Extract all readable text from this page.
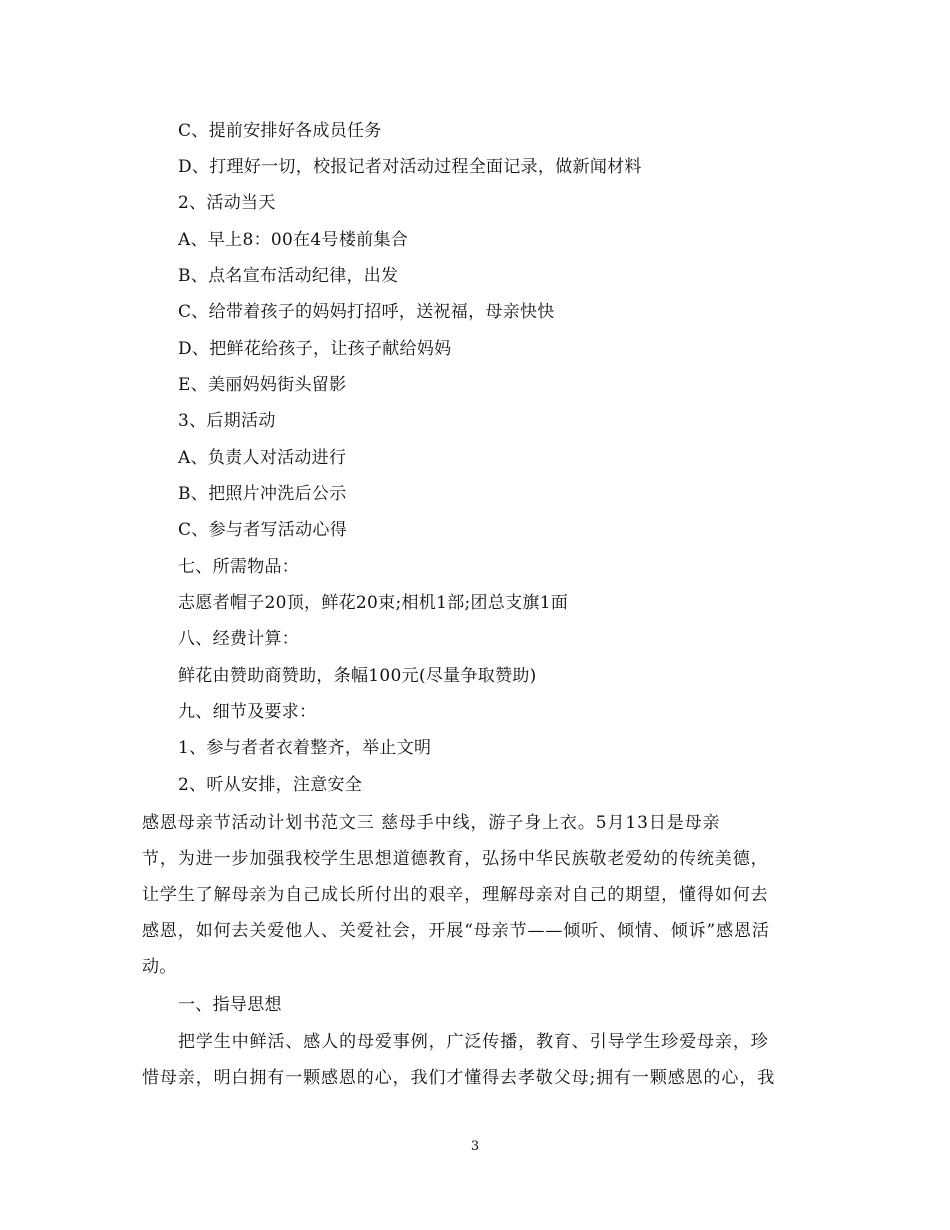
C、提前安排好各成员任务
D、打理好一切，校报记者对活动过程全面记录，做新闻材料
2、活动当天
A、早上8：00在4号楼前集合
B、点名宣布活动纪律，出发
C、给带着孩子的妈妈打招呼，送祝福，母亲快快
D、把鲜花给孩子，让孩子献给妈妈
E、美丽妈妈街头留影
3、后期活动
A、负责人对活动进行
B、把照片冲洗后公示
C、参与者写活动心得
七、所需物品：
志愿者帽子20顶，鲜花20束;相机1部;团总支旗1面
八、经费计算：
鲜花由赞助商赞助，条幅100元(尽量争取赞助)
九、细节及要求：
1、参与者者衣着整齐，举止文明
2、听从安排，注意安全
感恩母亲节活动计划书范文三 慈母手中线，游子身上衣。5月13日是母亲
节，为进一步加强我校学生思想道德教育，弘扬中华民族敬老爱幼的传统美德，
让学生了解母亲为自己成长所付出的艰辛，理解母亲对自己的期望，懂得如何去
感恩，如何去关爱他人、关爱社会，开展“母亲节——倾听、倾情、倾诉”感恩活
动。
一、指导思想
把学生中鲜活、感人的母爱事例，广泛传播，教育、引导学生珍爱母亲，珍
惜母亲，明白拥有一颗感恩的心，我们才懂得去孝敬父母;拥有一颗感恩的心，我
3
